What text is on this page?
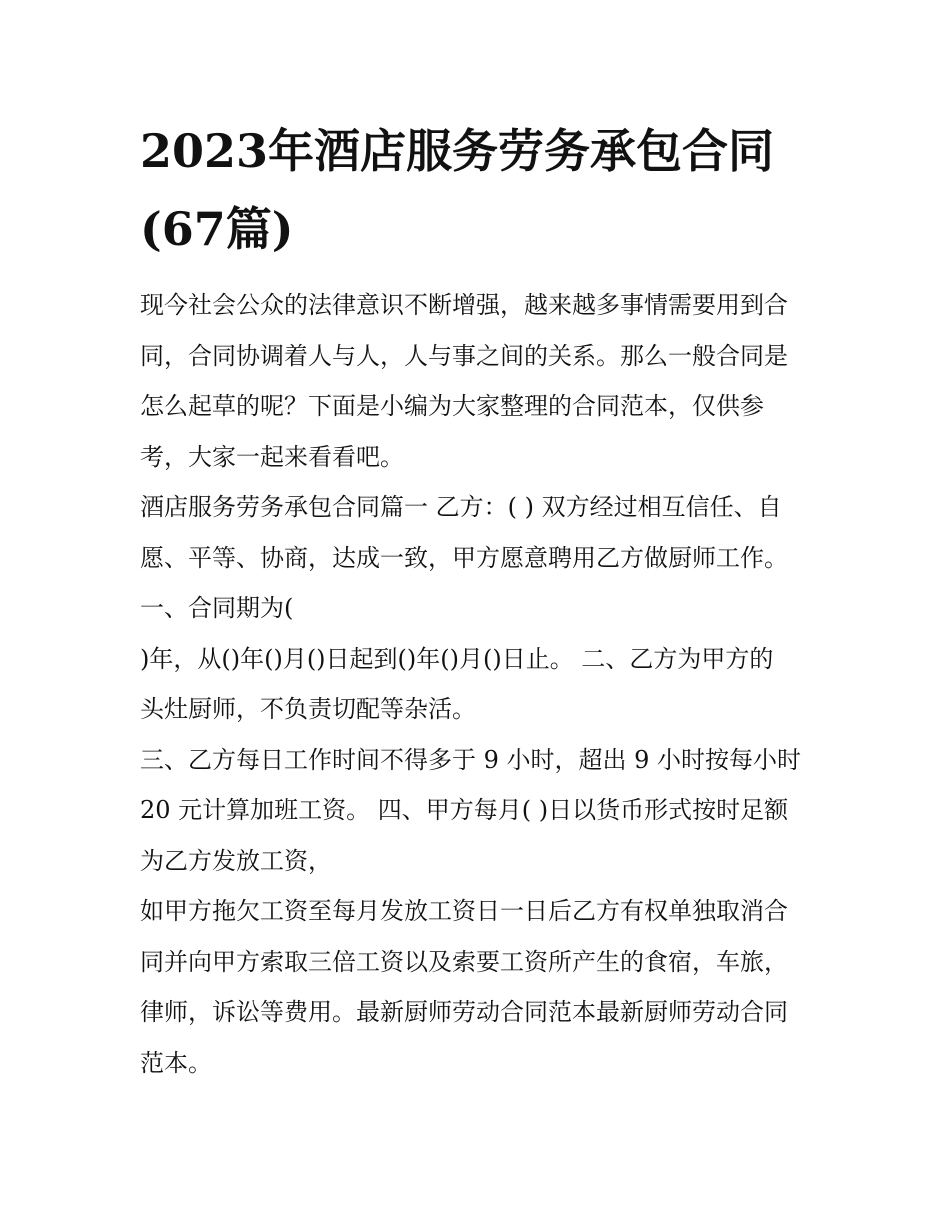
2023年酒店服务劳务承包合同
(67篇)
现今社会公众的法律意识不断增强，越来越多事情需要用到合
同，合同协调着人与人，人与事之间的关系。那么一般合同是
怎么起草的呢？下面是小编为大家整理的合同范本，仅供参
考，大家一起来看看吧。
酒店服务劳务承包合同篇一 乙方：( ) 双方经过相互信任、自
愿、平等、协商，达成一致，甲方愿意聘用乙方做厨师工作。
一、合同期为(
)年，从()年()月()日起到()年()月()日止。 二、乙方为甲方的
头灶厨师，不负责切配等杂活。
三、乙方每日工作时间不得多于 9 小时，超出 9 小时按每小时
20 元计算加班工资。 四、甲方每月( )日以货币形式按时足额
为乙方发放工资，
如甲方拖欠工资至每月发放工资日一日后乙方有权单独取消合
同并向甲方索取三倍工资以及索要工资所产生的食宿，车旅，
律师，诉讼等费用。最新厨师劳动合同范本最新厨师劳动合同
范本。
